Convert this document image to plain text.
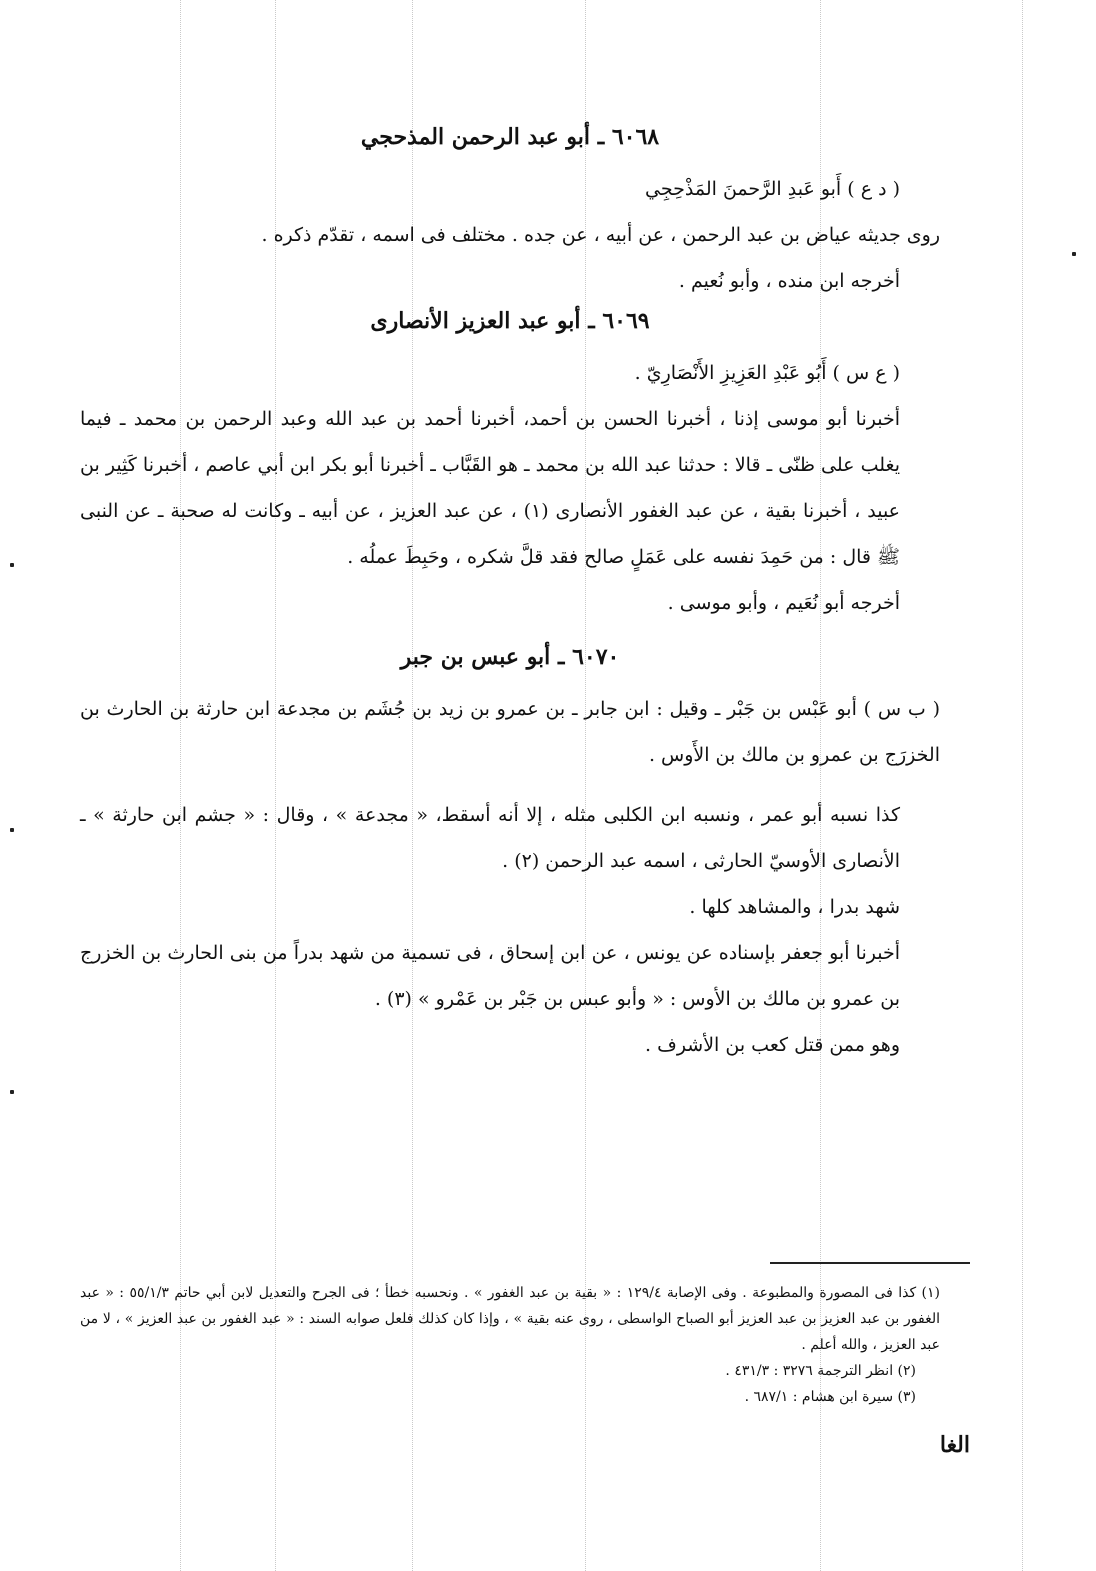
٦٠٦٨ ـ أبو عبد الرحمن المذحجي

( د ع ) أَبو عَبدِ الرَّحمنَ المَذْحِجِي

روى جديثه عياض بن عبد الرحمن ، عن أبيه ، عن جده . مختلف فى اسمه ، تقدّم ذكره .

أخرجه ابن منده ، وأبو نُعيم .

٦٠٦٩ ـ أبو عبد العزيز الأنصارى

( ع س ) أَبُو عَبْدِ العَزِيزِ الأَنْصَارِيّ .

أخبرنا أبو موسى إذنا ، أخبرنا الحسن بن أحمد، أخبرنا أحمد بن عبد الله وعبد الرحمن بن محمد ـ فيما يغلب على ظنّى ـ قالا : حدثنا عبد الله بن محمد ـ هو القَبَّاب ـ أخبرنا أبو بكر ابن أبي عاصم ، أخبرنا كَثِير بن عبيد ، أخبرنا بقية ، عن عبد الغفور الأنصارى (١) ، عن عبد العزيز ، عن أبيه ـ وكانت له صحبة ـ عن النبى ﷺ قال : من حَمِدَ نفسه على عَمَلٍ صالح فقد قلَّ شكره ، وحَبِطَ عملُه .

أخرجه أبو نُعَيم ، وأبو موسى .

٦٠٧٠ ـ أبو عبس بن جبر

( ب س ) أبو عَبْس بن جَبْر ـ وقيل : ابن جابر ـ بن عمرو بن زيد بن جُشَم بن مجدعة ابن حارثة بن الحارث بن الخزرَج بن عمرو بن مالك بن الأَوس .

كذا نسبه أبو عمر ، ونسبه ابن الكلبى مثله ، إلا أنه أسقط، « مجدعة » ، وقال : « جشم ابن حارثة » ـ الأنصارى الأوسيّ الحارثى ، اسمه عبد الرحمن (٢) .

شهد بدرا ، والمشاهد كلها .

أخبرنا أبو جعفر بإسناده عن يونس ، عن ابن إسحاق ، فى تسمية من شهد بدراً من بنى الحارث بن الخزرج بن عمرو بن مالك بن الأوس : « وأبو عبس بن جَبْر بن عَمْرو » (٣) .

وهو ممن قتل كعب بن الأشرف .

(١) كذا فى المصورة والمطبوعة . وفى الإصابة ١٢٩/٤ : « بقية بن عبد الغفور » . ونحسبه خطأ ؛ فى الجرح والتعديل لابن أبي حاتم ٥٥/١/٣ : « عبد الغفور بن عبد العزيز بن عبد العزيز أبو الصباح الواسطى ، روى عنه بقية » ، وإذا كان كذلك فلعل صوابه السند : « عبد الغفور بن عبد العزيز » ، لا من عبد العزيز ، والله أعلم .

(٢) انظر الترجمة ٣٢٧٦ : ٤٣١/٣ .

(٣) سيرة ابن هشام : ٦٨٧/١ .

الغا
